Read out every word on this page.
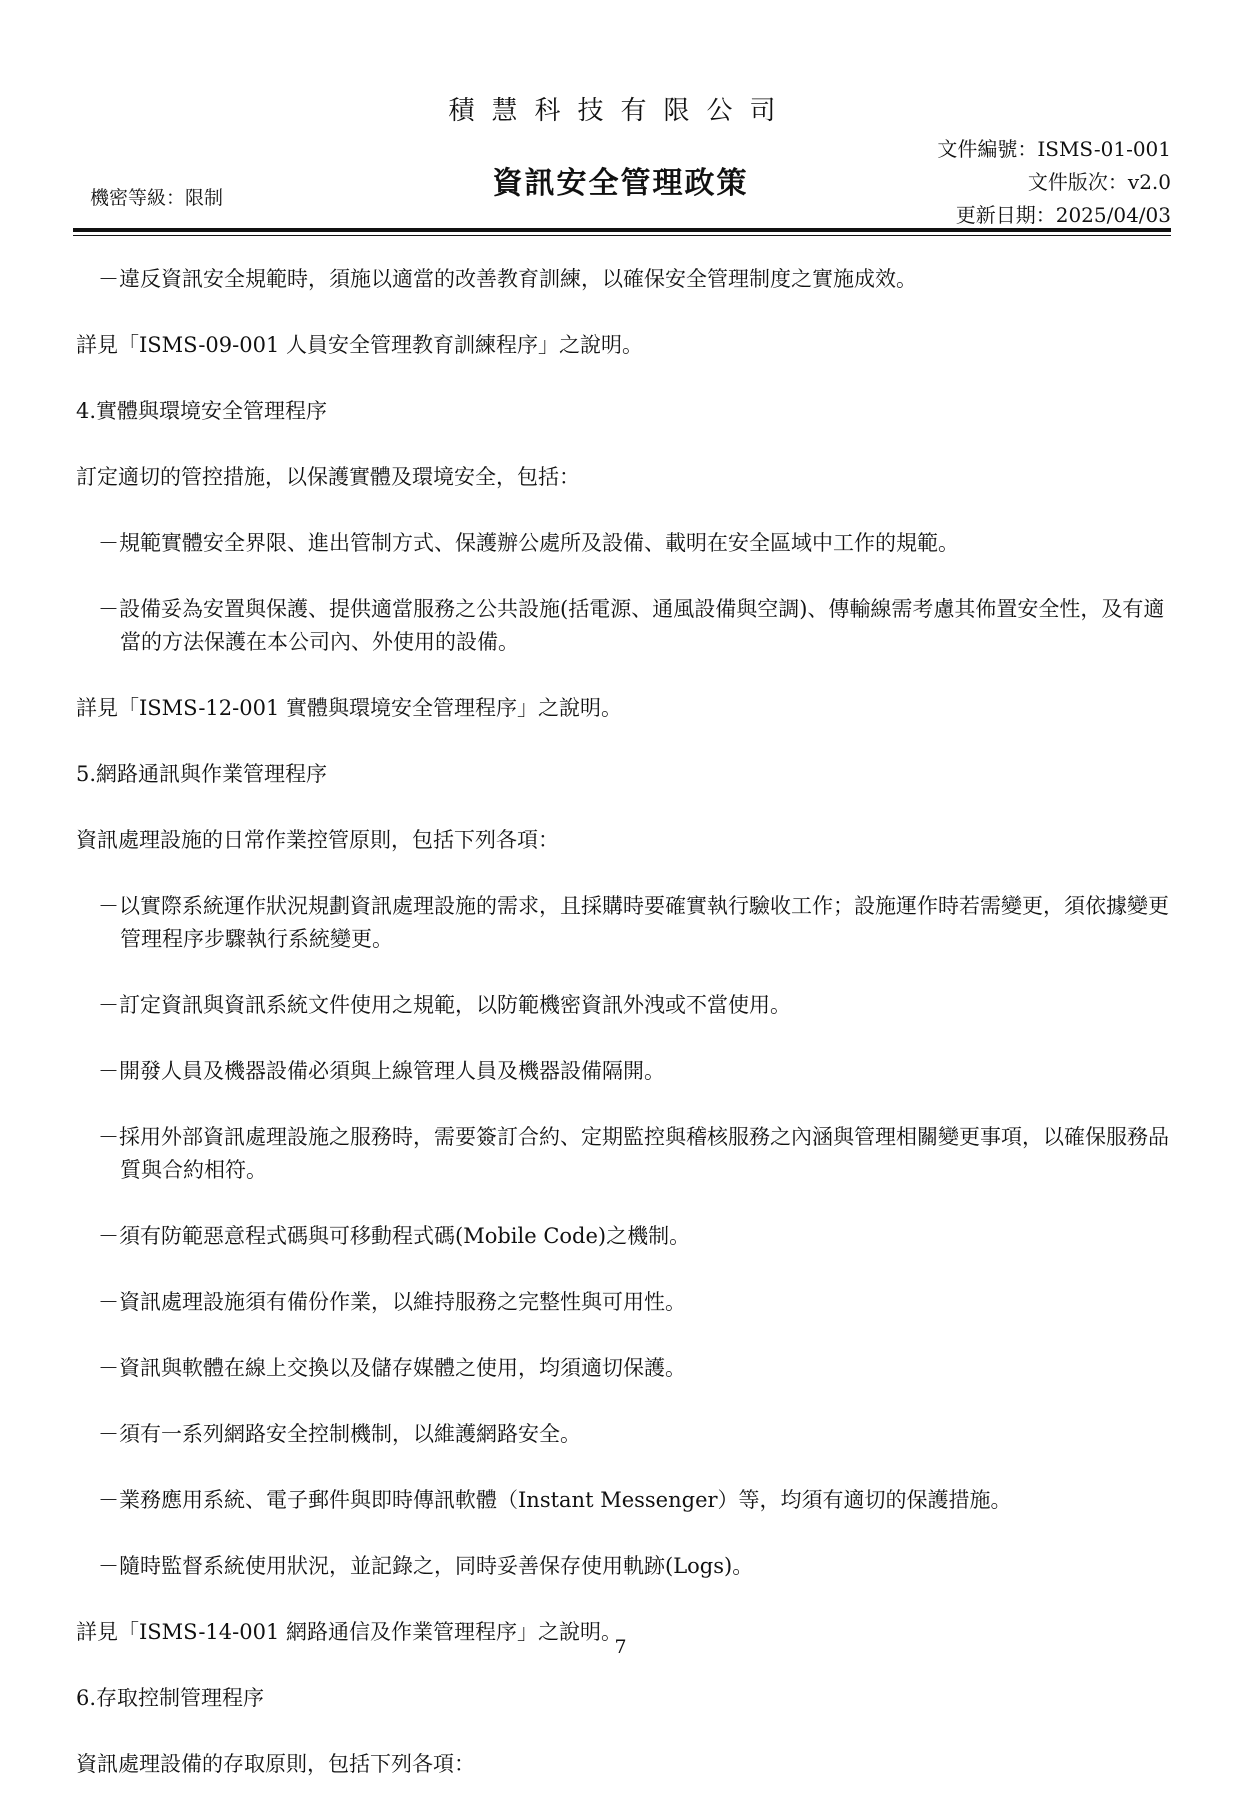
積慧科技有限公司
機密等級：限制	資訊安全管理政策
文件編號：ISMS-01-001
文件版次：v2.0
更新日期：2025/04/03
－違反資訊安全規範時，須施以適當的改善教育訓練，以確保安全管理制度之實施成效。
詳見「ISMS-09-001 人員安全管理教育訓練程序」之說明。
4.實體與環境安全管理程序
訂定適切的管控措施，以保護實體及環境安全，包括：
－規範實體安全界限、進出管制方式、保護辦公處所及設備、載明在安全區域中工作的規範。
－設備妥為安置與保護、提供適當服務之公共設施(括電源、通風設備與空調)、傳輸線需考慮其佈置安全性，及有適當的方法保護在本公司內、外使用的設備。
詳見「ISMS-12-001 實體與環境安全管理程序」之說明。
5.網路通訊與作業管理程序
資訊處理設施的日常作業控管原則，包括下列各項：
－以實際系統運作狀況規劃資訊處理設施的需求，且採購時要確實執行驗收工作；設施運作時若需變更，須依據變更管理程序步驟執行系統變更。
－訂定資訊與資訊系統文件使用之規範，以防範機密資訊外洩或不當使用。
－開發人員及機器設備必須與上線管理人員及機器設備隔開。
－採用外部資訊處理設施之服務時，需要簽訂合約、定期監控與稽核服務之內涵與管理相關變更事項，以確保服務品質與合約相符。
－須有防範惡意程式碼與可移動程式碼(Mobile Code)之機制。
－資訊處理設施須有備份作業，以維持服務之完整性與可用性。
－資訊與軟體在線上交換以及儲存媒體之使用，均須適切保護。
－須有一系列網路安全控制機制，以維護網路安全。
－業務應用系統、電子郵件與即時傳訊軟體（Instant Messenger）等，均須有適切的保護措施。
－隨時監督系統使用狀況，並記錄之，同時妥善保存使用軌跡(Logs)。
詳見「ISMS-14-001 網路通信及作業管理程序」之說明。
6.存取控制管理程序
資訊處理設備的存取原則，包括下列各項：
7
